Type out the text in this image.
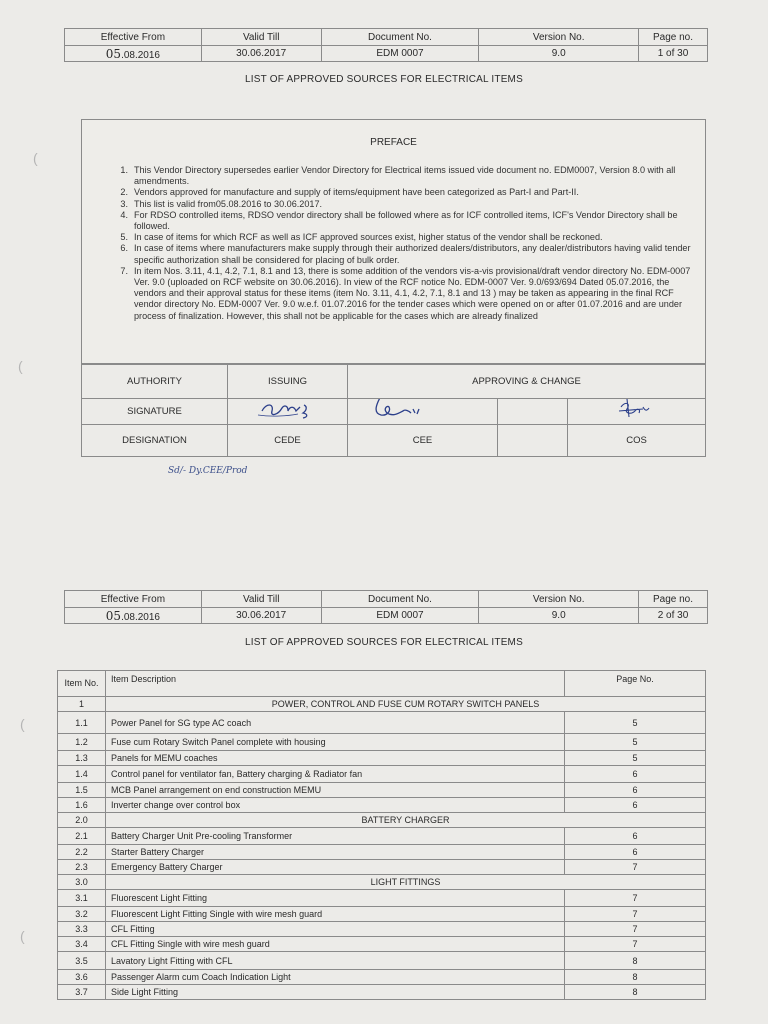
Effective From	Valid Till	Document No.	Version No.	Page no.
05.08.2016	30.06.2017	EDM 0007	9.0	1 of 30
LIST OF APPROVED SOURCES FOR ELECTRICAL ITEMS
PREFACE
1. This Vendor Directory supersedes earlier Vendor Directory for Electrical items issued vide document no. EDM0007, Version 8.0 with all amendments.
2. Vendors approved for manufacture and supply of items/equipment have been categorized as Part-I and Part-II.
3. This list is valid from05.08.2016 to 30.06.2017.
4. For RDSO controlled items, RDSO vendor directory shall be followed where as for ICF controlled items, ICF's Vendor Directory shall be followed.
5. In case of items for which RCF as well as ICF approved sources exist, higher status of the vendor shall be reckoned.
6. In case of items where manufacturers make supply through their authorized dealers/distributors, any dealer/distributors having valid tender specific authorization shall be considered for placing of bulk order.
7. In item Nos. 3.11, 4.1, 4.2, 7.1, 8.1 and 13, there is some addition of the vendors vis-a-vis provisional/draft vendor directory No. EDM-0007 Ver. 9.0 (uploaded on RCF website on 30.06.2016). In view of the RCF notice No. EDM-0007 Ver. 9.0/693/694 Dated 05.07.2016, the vendors and their approval status for these items (item No. 3.11, 4.1, 4.2, 7.1, 8.1 and 13 ) may be taken as appearing in the final RCF vendor directory No. EDM-0007 Ver. 9.0 w.e.f. 01.07.2016 for the tender cases which were opened on or after 01.07.2016 and are under process of finalization. However, this shall not be applicable for the cases which are already finalized
AUTHORITY	ISSUING	APPROVING & CHANGE		
SIGNATURE				
DESIGNATION	CEDE	CEE		COS
Sd/- Dy.CEE/Prod
(
(
(
(
Effective From	Valid Till	Document No.	Version No.	Page no.
05.08.2016	30.06.2017	EDM 0007	9.0	2 of 30
LIST OF APPROVED SOURCES FOR ELECTRICAL ITEMS
Item No.	Item Description	Page No.
1	POWER, CONTROL AND FUSE CUM ROTARY SWITCH PANELS	
1.1	Power Panel for SG type AC coach	5
1.2	Fuse cum Rotary Switch Panel complete with housing	5
1.3	Panels for MEMU coaches	5
1.4	Control panel for ventilator fan, Battery charging & Radiator fan	6
1.5	MCB Panel arrangement on end construction MEMU	6
1.6	Inverter change over control box	6
2.0	BATTERY CHARGER	
2.1	Battery Charger Unit Pre-cooling Transformer	6
2.2	Starter Battery Charger	6
2.3	Emergency Battery Charger	7
3.0	LIGHT FITTINGS	
3.1	Fluorescent Light Fitting	7
3.2	Fluorescent Light Fitting Single with wire mesh guard	7
3.3	CFL Fitting	7
3.4	CFL Fitting Single with wire mesh guard	7
3.5	Lavatory Light Fitting with CFL	8
3.6	Passenger Alarm cum Coach Indication Light	8
3.7	Side Light Fitting	8
